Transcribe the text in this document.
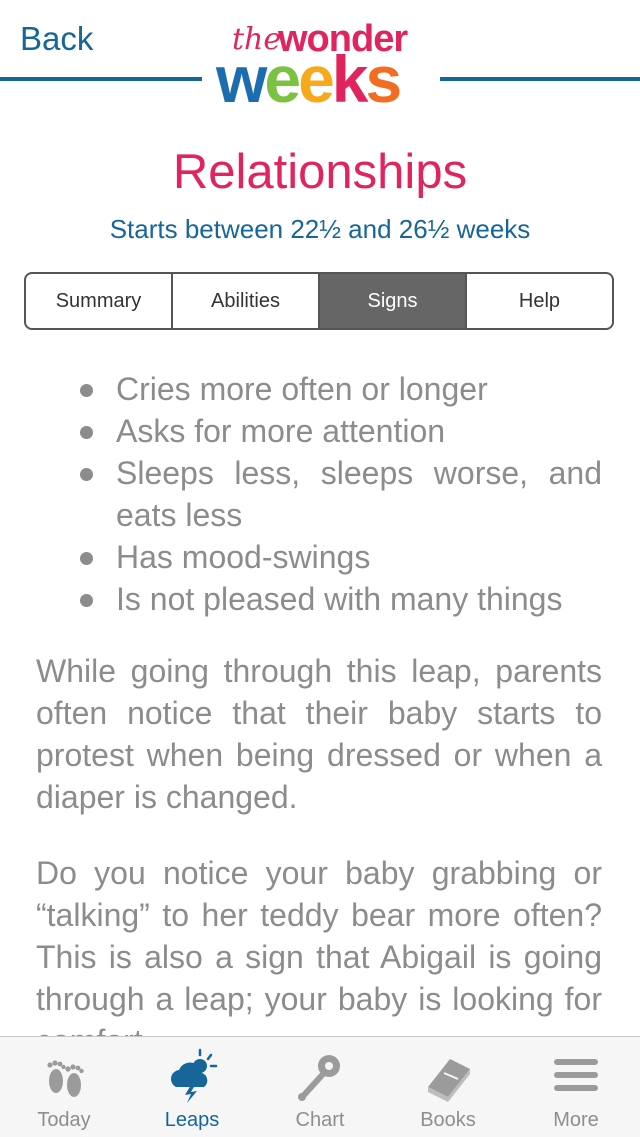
Back	the
wonder
weeks
Relationships
Starts between 22½ and 26½ weeks
Summary	Abilities	Signs	Help
Cries more often or longer
Asks for more attention
Sleeps less, sleeps worse, and eats less
Has mood-swings
Is not pleased with many things

While going through this leap, parents often notice that their baby starts to protest when being dressed or when a diaper is changed.

Do you notice your baby grabbing or “talking” to her teddy bear more often? This is also a sign that Abigail is going through a leap; your baby is looking for

Today	Leaps	Chart	Books	More
